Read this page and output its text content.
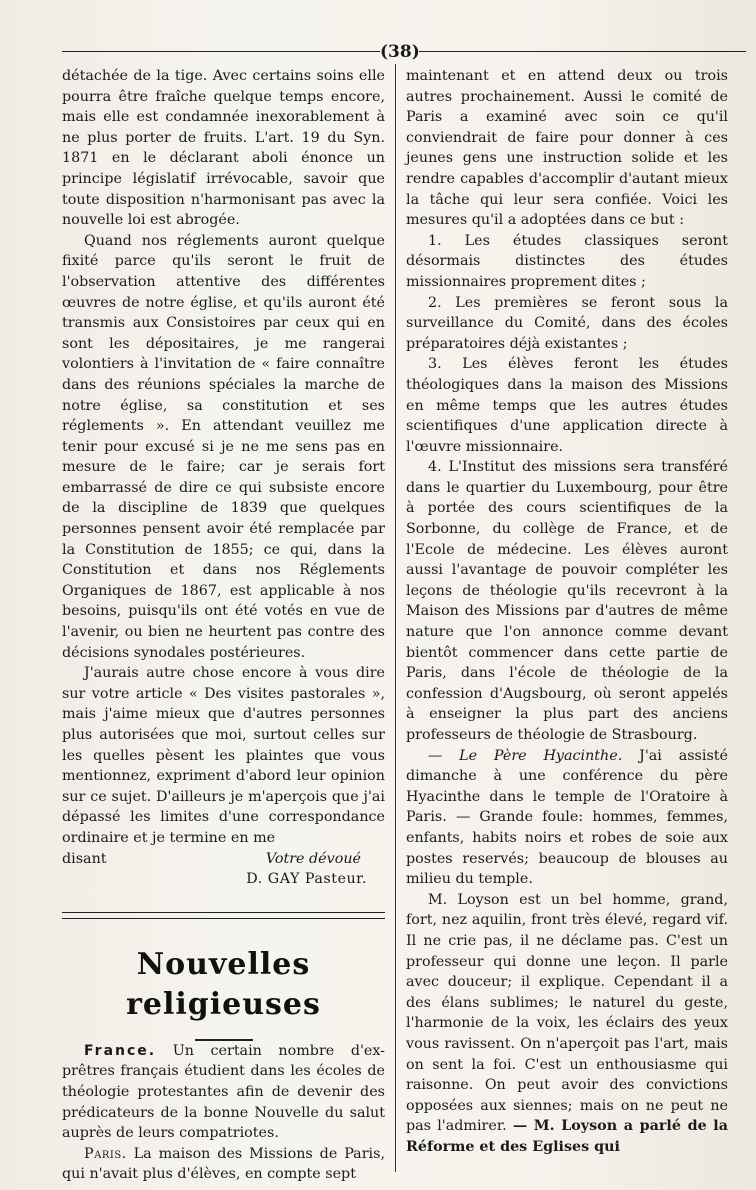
(38)

détachée de la tige. Avec certains soins elle pourra être fraîche quelque temps encore, mais elle est condamnée inexorablement à ne plus porter de fruits. L'art. 19 du Syn. 1871 en le déclarant aboli énonce un principe législatif irrévocable, savoir que toute disposition n'harmonisant pas avec la nouvelle loi est abrogée.

Quand nos réglements auront quelque fixité parce qu'ils seront le fruit de l'observation attentive des différentes œuvres de notre église, et qu'ils auront été transmis aux Consistoires par ceux qui en sont les dépositaires, je me rangerai volontiers à l'invitation de « faire connaître dans des réunions spéciales la marche de notre église, sa constitution et ses réglements ». En attendant veuillez me tenir pour excusé si je ne me sens pas en mesure de le faire; car je serais fort embarrassé de dire ce qui subsiste encore de la discipline de 1839 que quelques personnes pensent avoir été remplacée par la Constitution de 1855; ce qui, dans la Constitution et dans nos Réglements Organiques de 1867, est applicable à nos besoins, puisqu'ils ont été votés en vue de l'avenir, ou bien ne heurtent pas contre des décisions synodales postérieures.

J'aurais autre chose encore à vous dire sur votre article « Des visites pastorales », mais j'aime mieux que d'autres personnes plus autorisées que moi, surtout celles sur les quelles pèsent les plaintes que vous mentionnez, expriment d'abord leur opinion sur ce sujet. D'ailleurs je m'aperçois que j'ai dépassé les limites d'une correspondance ordinaire et je termine en me

disant	Votre dévoué
D. GAY Pasteur.
Nouvelles religieuses

France. Un certain nombre d'ex-prêtres français étudient dans les écoles de théologie protestantes afin de devenir des prédicateurs de la bonne Nouvelle du salut auprès de leurs compatriotes.

Paris. La maison des Missions de Paris, qui n'avait plus d'élèves, en compte sept

maintenant et en attend deux ou trois autres prochainement. Aussi le comité de Paris a examiné avec soin ce qu'il conviendrait de faire pour donner à ces jeunes gens une instruction solide et les rendre capables d'accomplir d'autant mieux la tâche qui leur sera confiée. Voici les mesures qu'il a adoptées dans ce but :

1. Les études classiques seront désormais distinctes des études missionnaires proprement dites ;

2. Les premières se feront sous la surveillance du Comité, dans des écoles préparatoires déjà existantes ;

3. Les élèves feront les études théologiques dans la maison des Missions en même temps que les autres études scientifiques d'une application directe à l'œuvre missionnaire.

4. L'Institut des missions sera transféré dans le quartier du Luxembourg, pour être à portée des cours scientifiques de la Sorbonne, du collège de France, et de l'Ecole de médecine. Les élèves auront aussi l'avantage de pouvoir compléter les leçons de théologie qu'ils recevront à la Maison des Missions par d'autres de même nature que l'on annonce comme devant bientôt commencer dans cette partie de Paris, dans l'école de théologie de la confession d'Augsbourg, où seront appelés à enseigner la plus part des anciens professeurs de théologie de Strasbourg.

— Le Père Hyacinthe. J'ai assisté dimanche à une conférence du père Hyacinthe dans le temple de l'Oratoire à Paris. — Grande foule: hommes, femmes, enfants, habits noirs et robes de soie aux postes reservés; beaucoup de blouses au milieu du temple.

M. Loyson est un bel homme, grand, fort, nez aquilin, front très élevé, regard vif. Il ne crie pas, il ne déclame pas. C'est un professeur qui donne une leçon. Il parle avec douceur; il explique. Cependant il a des élans sublimes; le naturel du geste, l'harmonie de la voix, les éclairs des yeux vous ravissent. On n'aperçoit pas l'art, mais on sent la foi. C'est un enthousiasme qui raisonne. On peut avoir des convictions opposées aux siennes; mais on ne peut ne pas l'admirer. — M. Loyson a parlé de la Réforme et des Eglises qui
